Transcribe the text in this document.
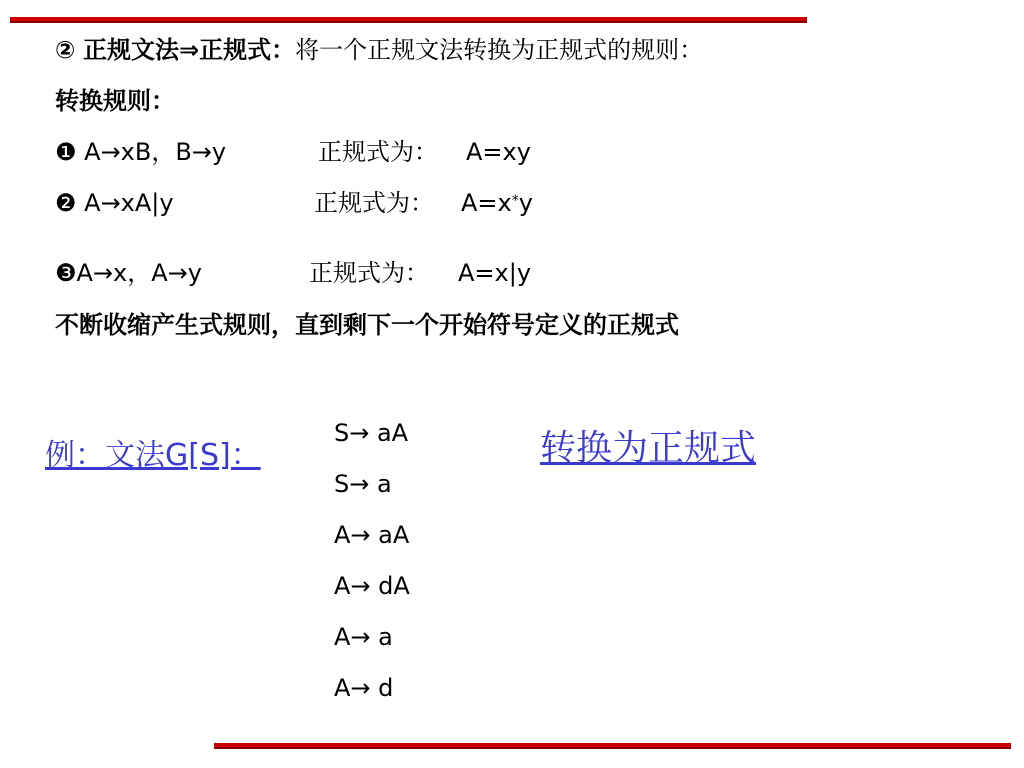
② 正规文法⇒正规式：将一个正规文法转换为正规式的规则：
转换规则：
❶ A→xB，B→y	正规式为： A=xy
❷ A→xA|y	正规式为： A=x*y
❸A→x，A→y	正规式为： A=x|y
不断收缩产生式规则，直到剩下一个开始符号定义的正规式
例：文法G[S]：
S→ aA
S→ a
A→ aA
A→ dA
A→ a
A→ d
转换为正规式
